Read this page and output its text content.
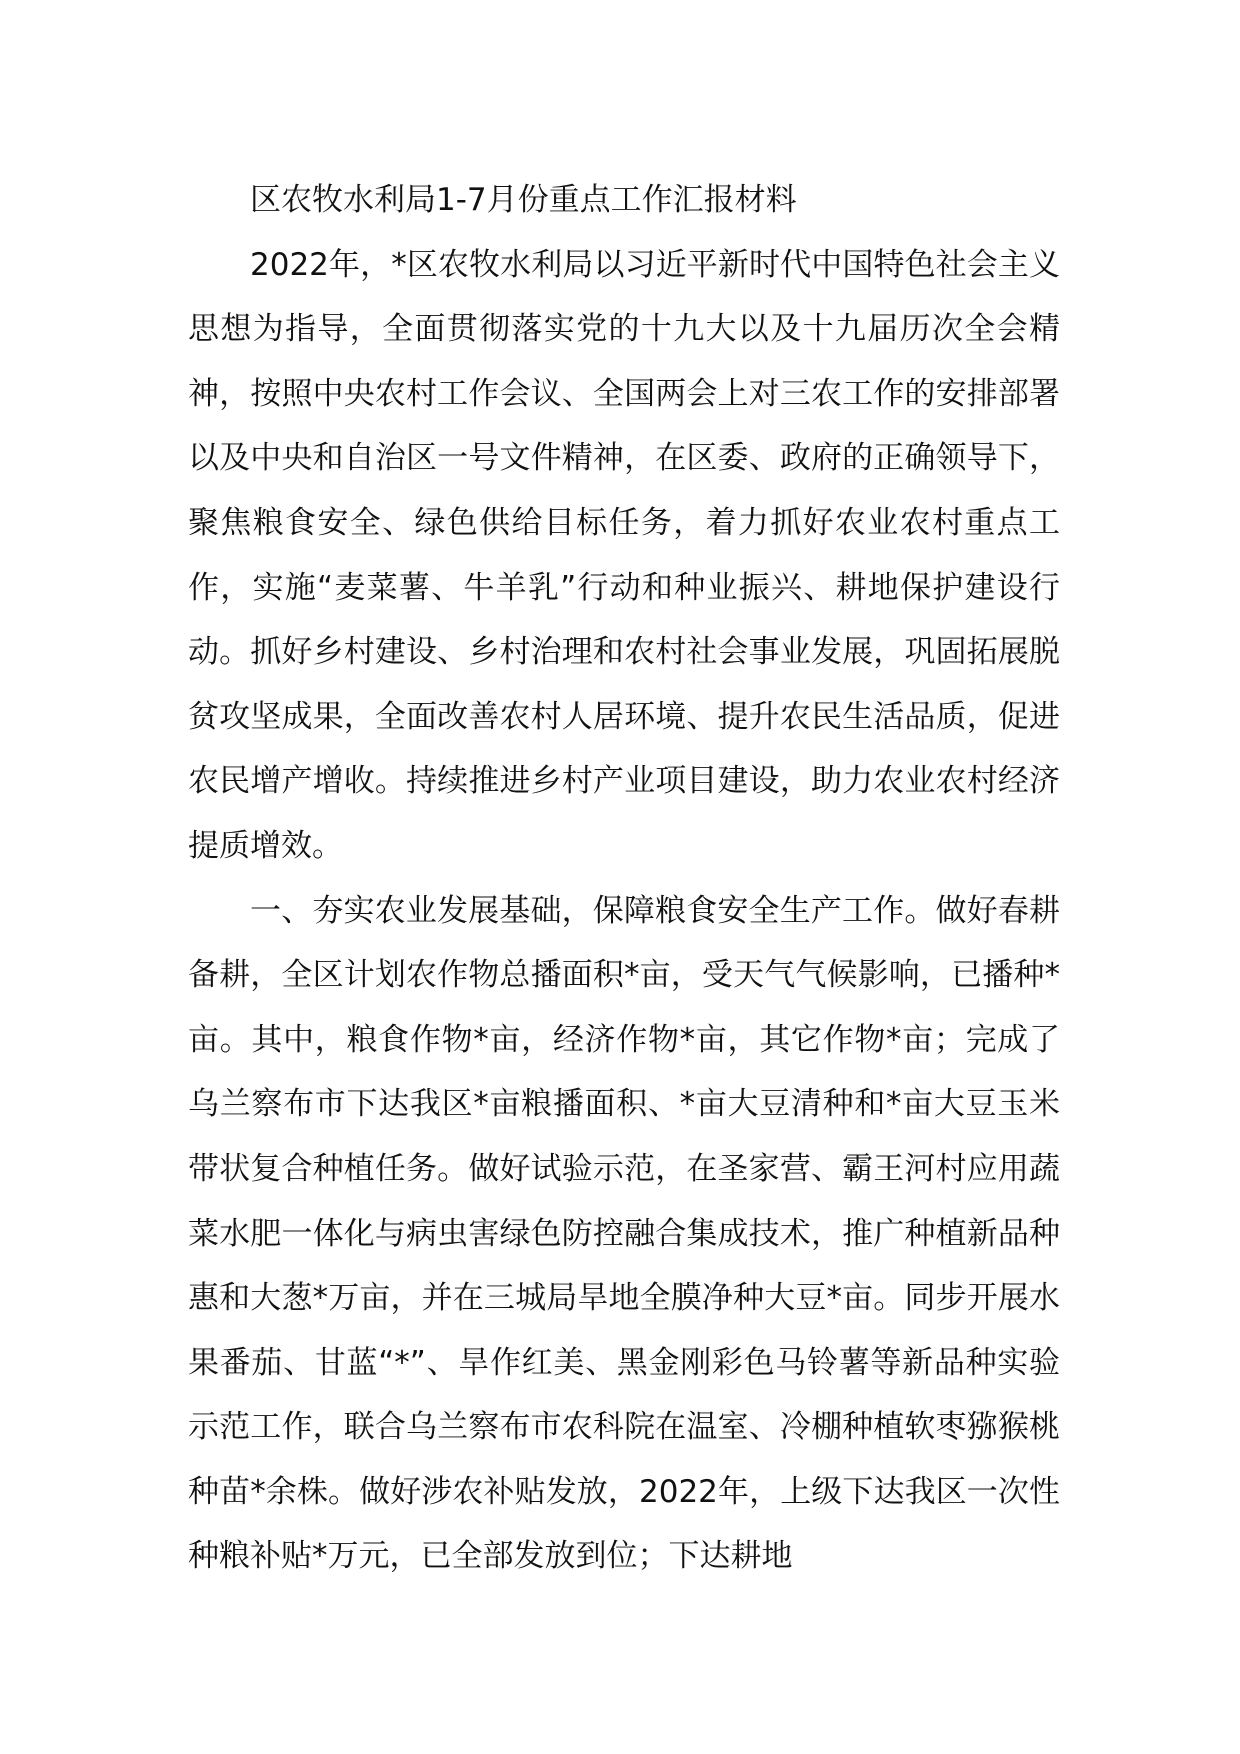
区农牧水利局1-7月份重点工作汇报材料

2022年，*区农牧水利局以习近平新时代中国特色社会主义思想为指导，全面贯彻落实党的十九大以及十九届历次全会精神，按照中央农村工作会议、全国两会上对三农工作的安排部署以及中央和自治区一号文件精神，在区委、政府的正确领导下，聚焦粮食安全、绿色供给目标任务，着力抓好农业农村重点工作，实施“麦菜薯、牛羊乳”行动和种业振兴、耕地保护建设行动。抓好乡村建设、乡村治理和农村社会事业发展，巩固拓展脱贫攻坚成果，全面改善农村人居环境、提升农民生活品质，促进农民增产增收。持续推进乡村产业项目建设，助力农业农村经济提质增效。

一、夯实农业发展基础，保障粮食安全生产工作。做好春耕备耕，全区计划农作物总播面积*亩，受天气气候影响，已播种*亩。其中，粮食作物*亩，经济作物*亩，其它作物*亩；完成了乌兰察布市下达我区*亩粮播面积、*亩大豆清种和*亩大豆玉米带状复合种植任务。做好试验示范，在圣家营、霸王河村应用蔬菜水肥一体化与病虫害绿色防控融合集成技术，推广种植新品种惠和大葱*万亩，并在三城局旱地全膜净种大豆*亩。同步开展水果番茄、甘蓝“*”、旱作红美、黑金刚彩色马铃薯等新品种实验示范工作，联合乌兰察布市农科院在温室、冷棚种植软枣猕猴桃种苗*余株。做好涉农补贴发放，2022年，上级下达我区一次性种粮补贴*万元，已全部发放到位；下达耕地
